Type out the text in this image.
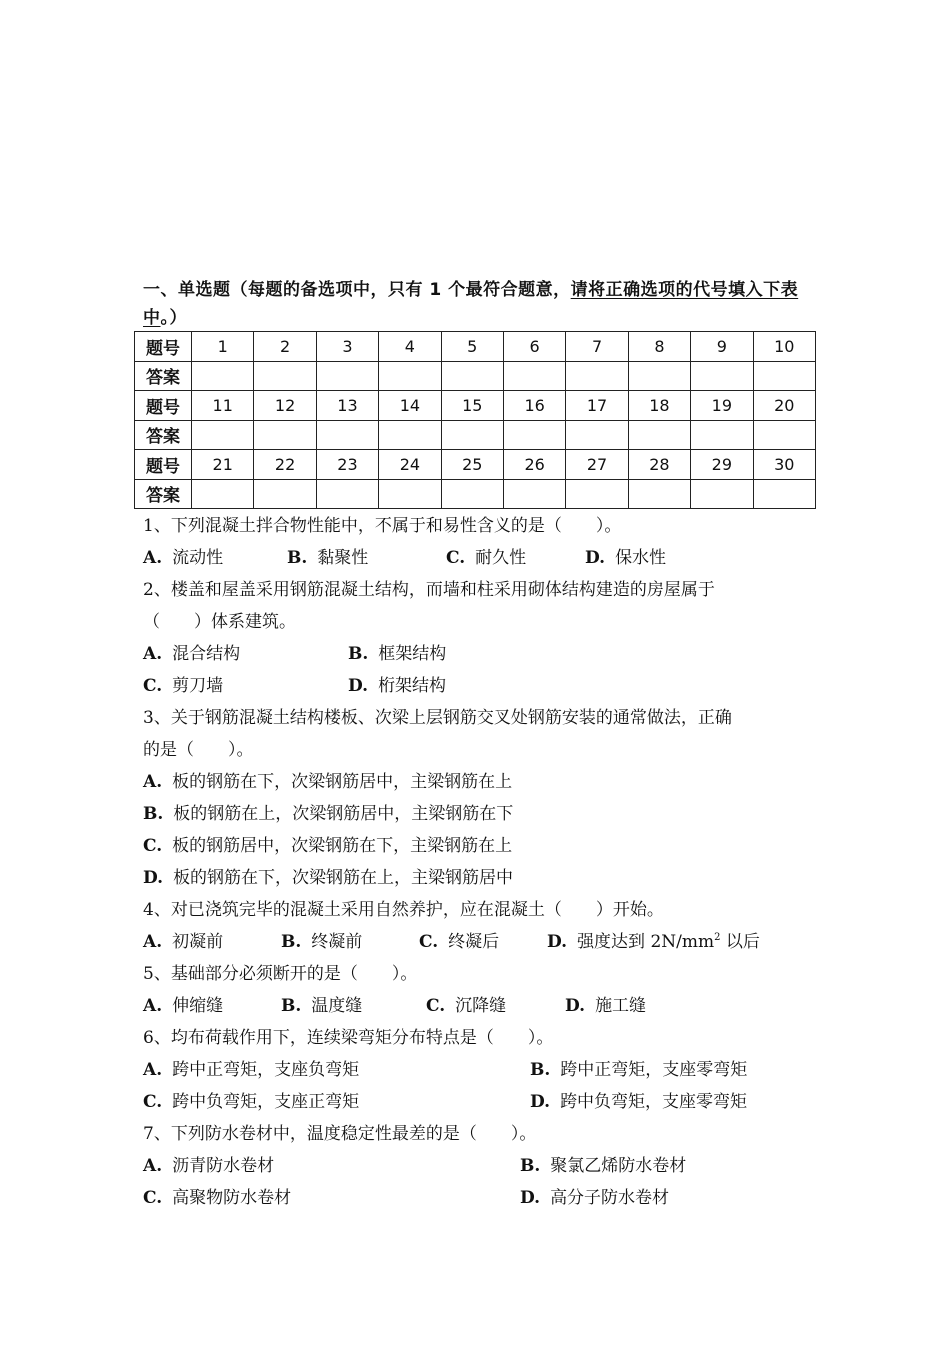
一、单选题（每题的备选项中，只有 1 个最符合题意，请将正确选项的代号填入下表中。）
题号	1	2	3	4	5	6	7	8	9	10
答案										
题号	11	12	13	14	15	16	17	18	19	20
答案										
题号	21	22	23	24	25	26	27	28	29	30
答案										
1、下列混凝土拌合物性能中，不属于和易性含义的是（　　）。
A. 流动性	B. 黏聚性	C. 耐久性	D. 保水性
2、楼盖和屋盖采用钢筋混凝土结构，而墙和柱采用砌体结构建造的房屋属于
（　　）体系建筑。
A. 混合结构	B. 框架结构
C. 剪刀墙	D. 桁架结构
3、关于钢筋混凝土结构楼板、次梁上层钢筋交叉处钢筋安装的通常做法，正确
的是（　　）。
A. 板的钢筋在下，次梁钢筋居中，主梁钢筋在上
B. 板的钢筋在上，次梁钢筋居中，主梁钢筋在下
C. 板的钢筋居中，次梁钢筋在下，主梁钢筋在上
D. 板的钢筋在下，次梁钢筋在上，主梁钢筋居中
4、对已浇筑完毕的混凝土采用自然养护，应在混凝土（　　）开始。
A. 初凝前	B. 终凝前	C. 终凝后	D. 强度达到 $2N/mm^2$ 以后
5、基础部分必须断开的是（　　）。
A. 伸缩缝	B. 温度缝	C. 沉降缝	D. 施工缝
6、均布荷载作用下，连续梁弯矩分布特点是（　　）。
A. 跨中正弯矩，支座负弯矩	B. 跨中正弯矩，支座零弯矩
C. 跨中负弯矩，支座正弯矩	D. 跨中负弯矩，支座零弯矩
7、下列防水卷材中，温度稳定性最差的是（　　）。
A. 沥青防水卷材	B. 聚氯乙烯防水卷材
C. 高聚物防水卷材	D. 高分子防水卷材
